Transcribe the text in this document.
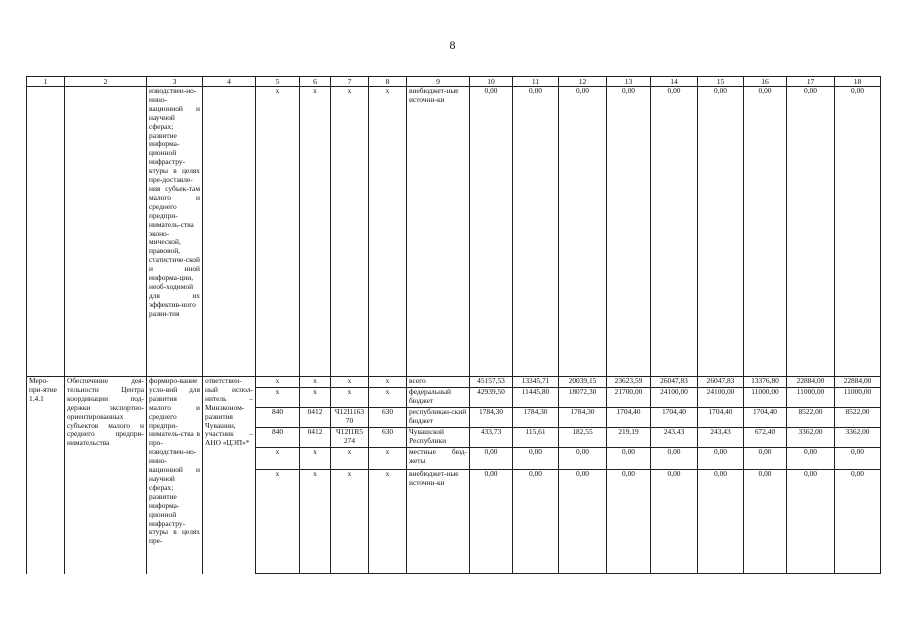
8
1	2	3	4	5	6	7	8	9	10	11	12	13	14	15	16	17	18
		изводствен-но-инно-вационной и научной сферах; развитие информа-ционной инфрастру-ктуры в целях пре-доставле-ния субъек-там малого и среднего предпри-ниматель-ства эконо-мической, правовой, статистиче-ской и иной информа-ции, необ-ходимой для их эффектив-ного разви-тия		x	x	x	x	внебюджет-ные источни-ки	0,00	0,00	0,00	0,00	0,00	0,00	0,00	0,00	0,00
Меро-при-ятие 1.4.1	Обеспечение дея-тельности Центра координации под-держки экспортно-ориентированных субъектов малого и среднего предпри-нимательства	формиро-вание усло-вий для развития малого и среднего предпри-ниматель-ства в про-изводствен-но-инно-вационной и научной сферах; развитие информа-ционной инфрастру-ктуры в целях пре-	ответствен-ный испол-нитель – Минэконом-развития Чувашии, участник – АНО «ЦЭП»*	x	x	x	x	всего	45157,53	13345,71	20039,15	23623,59	26047,83	26047,83	13376,80	22884,00	22884,00
				x	x	x	x	федеральный бюджет	42939,50	11445,80	18072,30	21700,00	24100,00	24100,00	11000,00	11000,00	11000,00
				840	0412	Ч12I1163 70	630	республикан-ский бюджет	1784,30	1784,30	1784,30	1704,40	1704,40	1704,40	1704,40	8522,00	8522,00
				840	0412	Ч12I1R5 274	630	Чувашской Республики	433,73	115,61	182,55	219,19	243,43	243,43	672,40	3362,00	3362,00
				x	x	x	x	местные бюд-жеты	0,00	0,00	0,00	0,00	0,00	0,00	0,00	0,00	0,00
				x	x	x	x	внебюджет-ные источни-ки	0,00	0,00	0,00	0,00	0,00	0,00	0,00	0,00	0,00
